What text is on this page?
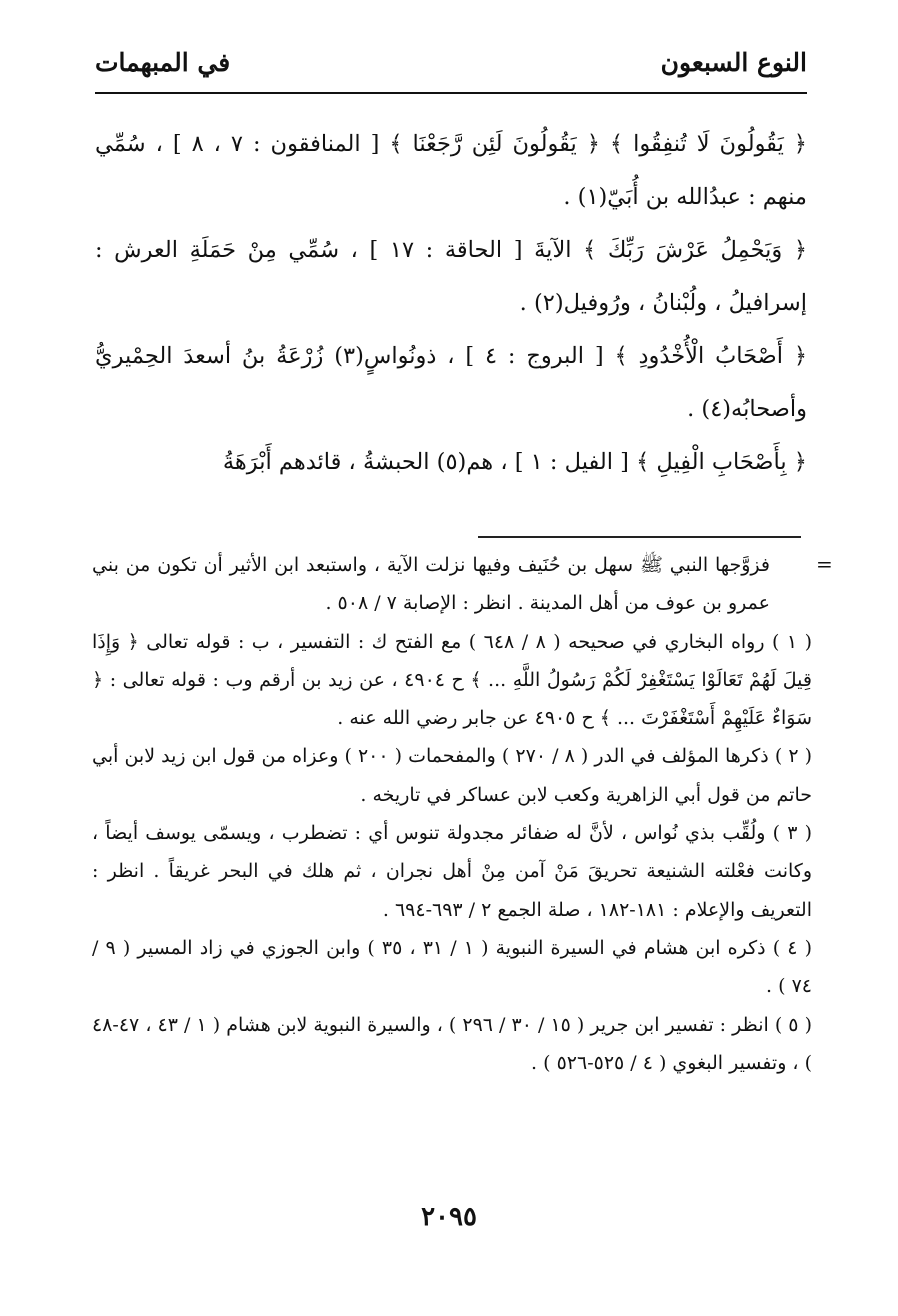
النوع السبعون
في المبهمات

﴿ يَقُولُونَ لَا تُنفِقُوا ﴾ ﴿ يَقُولُونَ لَئِن رَّجَعْنَا ﴾ [ المنافقون : ٧ ، ٨ ] ، سُمِّي منهم : عبدُالله بن أُبَيّ(١) .

﴿ وَيَحْمِلُ عَرْشَ رَبِّكَ ﴾ الآيةَ [ الحاقة : ١٧ ] ، سُمِّي مِنْ حَمَلَةِ العرش : إسرافيلُ ، ولُبْنانُ ، ورُوفيل(٢) .

﴿ أَصْحَابُ الْأُخْدُودِ ﴾ [ البروج : ٤ ] ، ذونُواسٍ(٣) زُرْعَةُ بنُ أسعدَ الحِمْيريُّ وأصحابُه(٤) .

﴿ بِأَصْحَابِ الْفِيلِ ﴾ [ الفيل : ١ ] ، هم(٥) الحبشةُ ، قائدهم أَبْرَهَةُ

=

فزوَّجها النبي ﷺ سهل بن حُنَيف وفيها نزلت الآية ، واستبعد ابن الأثير أن تكون من بني عمرو بن عوف من أهل المدينة . انظر : الإصابة ٧ / ٥٠٨ .

( ١ ) رواه البخاري في صحيحه ( ٨ / ٦٤٨ ) مع الفتح ك : التفسير ، ب : قوله تعالى ﴿ وَإِذَا قِيلَ لَهُمْ تَعَالَوْا يَسْتَغْفِرْ لَكُمْ رَسُولُ اللَّهِ ... ﴾ ح ٤٩٠٤ ، عن زيد بن أرقم وب : قوله تعالى : ﴿ سَوَاءٌ عَلَيْهِمْ أَسْتَغْفَرْتَ ... ﴾ ح ٤٩٠٥ عن جابر رضي الله عنه .

( ٢ ) ذكرها المؤلف في الدر ( ٨ / ٢٧٠ ) والمفحمات ( ٢٠٠ ) وعزاه من قول ابن زيد لابن أبي حاتم من قول أبي الزاهرية وكعب لابن عساكر في تاريخه .

( ٣ ) ولُقِّب بذي نُواس ، لأنَّ له ضفائر مجدولة تنوس أي : تضطرب ، ويسمّى يوسف أيضاً ، وكانت فعْلته الشنيعة تحريقَ مَنْ آمن مِنْ أهل نجران ، ثم هلك في البحر غريقاً . انظر : التعريف والإعلام : ١٨١-١٨٢ ، صلة الجمع ٢ / ٦٩٣-٦٩٤ .

( ٤ ) ذكره ابن هشام في السيرة النبوية ( ١ / ٣١ ، ٣٥ ) وابن الجوزي في زاد المسير ( ٩ / ٧٤ ) .

( ٥ ) انظر : تفسير ابن جرير ( ١٥ / ٣٠ / ٢٩٦ ) ، والسيرة النبوية لابن هشام ( ١ / ٤٣ ، ٤٧-٤٨ ) ، وتفسير البغوي ( ٤ / ٥٢٥-٥٢٦ ) .

٢٠٩٥
